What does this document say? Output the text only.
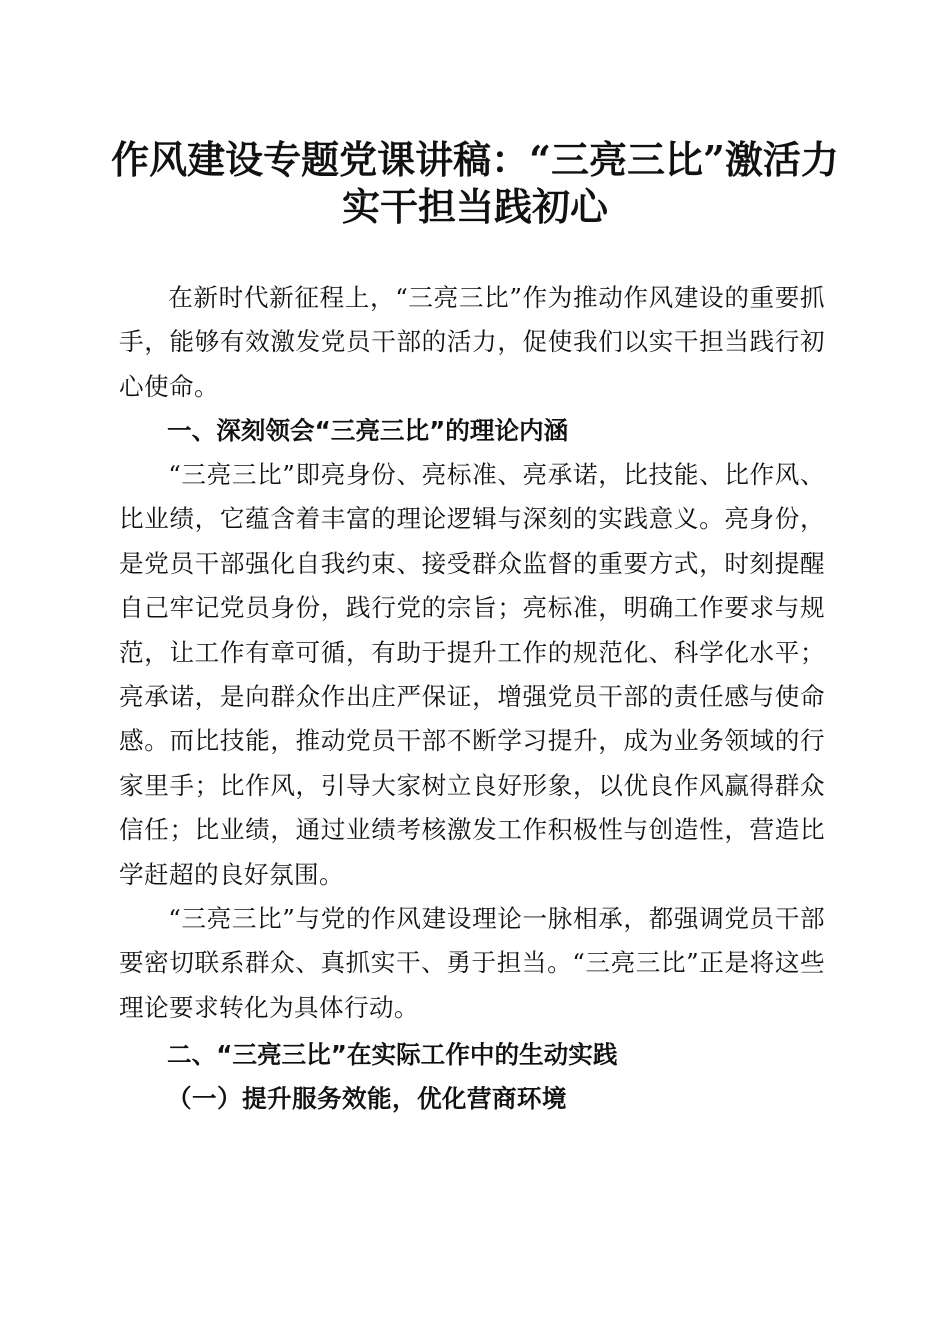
作风建设专题党课讲稿：“三亮三比”激活力
实干担当践初心

在新时代新征程上，“三亮三比”作为推动作风建设的重要抓手，能够有效激发党员干部的活力，促使我们以实干担当践行初心使命。

一、深刻领会“三亮三比”的理论内涵

“三亮三比”即亮身份、亮标准、亮承诺，比技能、比作风、比业绩，它蕴含着丰富的理论逻辑与深刻的实践意义。亮身份，是党员干部强化自我约束、接受群众监督的重要方式，时刻提醒自己牢记党员身份，践行党的宗旨；亮标准，明确工作要求与规范，让工作有章可循，有助于提升工作的规范化、科学化水平；亮承诺，是向群众作出庄严保证，增强党员干部的责任感与使命感。而比技能，推动党员干部不断学习提升，成为业务领域的行家里手；比作风，引导大家树立良好形象，以优良作风赢得群众信任；比业绩，通过业绩考核激发工作积极性与创造性，营造比学赶超的良好氛围。

“三亮三比”与党的作风建设理论一脉相承，都强调党员干部要密切联系群众、真抓实干、勇于担当。“三亮三比”正是将这些理论要求转化为具体行动。

二、“三亮三比”在实际工作中的生动实践
（一）提升服务效能，优化营商环境
